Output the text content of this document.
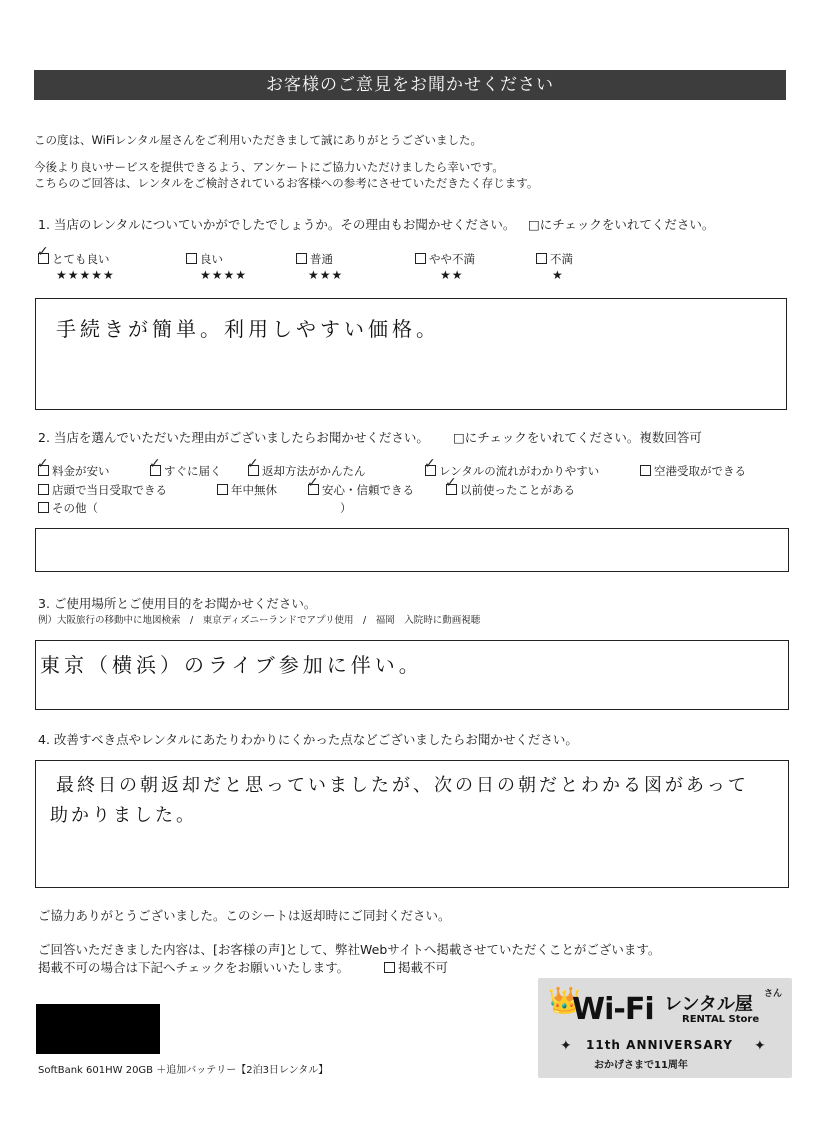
お客様のご意見をお聞かせください
この度は、WiFiレンタル屋さんをご利用いただきまして誠にありがとうございました。
今後より良いサービスを提供できるよう、アンケートにご協力いただけましたら幸いです。
こちらのご回答は、レンタルをご検討されているお客様への参考にさせていただきたく存じます。
1. 当店のレンタルについていかがでしたでしょうか。その理由もお聞かせください。 □にチェックをいれてください。
✓とても良い
★★★★★
良い
★★★★
普通
★★★
やや不満
★★
不満
★
手続きが簡単。利用しやすい価格。
2. 当店を選んでいただいた理由がございましたらお聞かせください。 □にチェックをいれてください。複数回答可
✓料金が安い ✓	すぐに届く ✓	返却方法がかんたん ✓	レンタルの流れがわかりやすい	空港受取ができる
店頭で当日受取できる	年中無休 ✓	安心・信頼できる ✓	以前使ったことがある
その他（	）
3. ご使用場所とご使用目的をお聞かせください。
例）大阪旅行の移動中に地図検索　/　東京ディズニーランドでアプリ使用　/　福岡　入院時に動画視聴
東京（横浜）のライブ参加に伴い。
4. 改善すべき点やレンタルにあたりわかりにくかった点などございましたらお聞かせください。
最終日の朝返却だと思っていましたが、次の日の朝だとわかる図があって
助かりました。
ご協力ありがとうございました。このシートは返却時にご同封ください。
ご回答いただきました内容は、[お客様の声]として、弊社Webサイトへ掲載させていただくことがございます。
掲載不可の場合は下記へチェックをお願いいたします。	掲載不可
SoftBank 601HW 20GB ＋追加バッテリー【2泊3日レンタル】
👑
Wi-Fi レンタル屋 さん
RENTAL Store
✦ 11th ANNIVERSARY ✦
おかげさまで11周年
